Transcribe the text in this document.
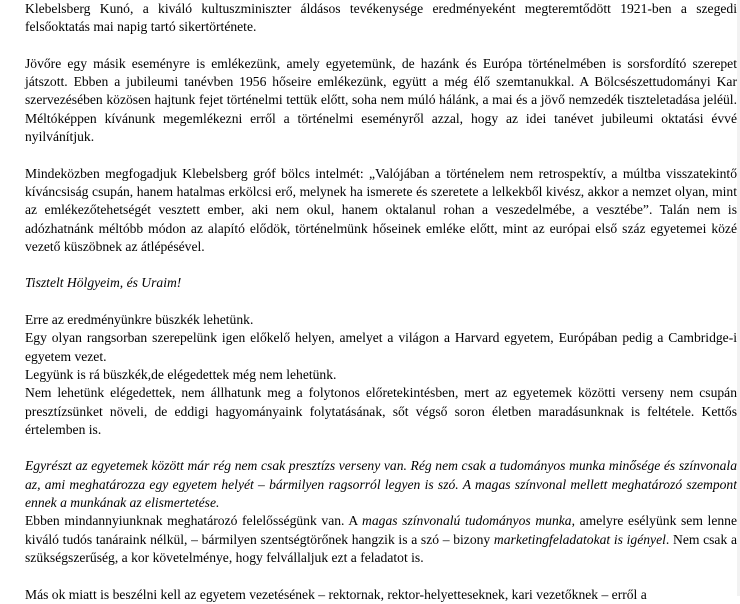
Klebelsberg Kunó, a kiváló kultuszminiszter áldásos tevékenysége eredményeként megteremtődött 1921-ben a szegedi felsőoktatás mai napig tartó sikertörténete.

Jövőre egy másik eseményre is emlékezünk, amely egyetemünk, de hazánk és Európa történelmében is sorsfordító szerepet játszott. Ebben a jubileumi tanévben 1956 hőseire emlékezünk, együtt a még élő szemtanukkal. A Bölcsészettudományi Kar szervezésében közösen hajtunk fejet történelmi tettük előtt, soha nem múló hálánk, a mai és a jövő nemzedék tiszteletadása jeléül. Méltóképpen kívánunk megemlékezni erről a történelmi eseményről azzal, hogy az idei tanévet jubileumi oktatási évvé nyilvánítjuk.

Mindeközben megfogadjuk Klebelsberg gróf bölcs intelmét: „Valójában a történelem nem retrospektív, a múltba visszatekintő kíváncsiság csupán, hanem hatalmas erkölcsi erő, melynek ha ismerete és szeretete a lelkekből kivész, akkor a nemzet olyan, mint az emlékezőtehetségét vesztett ember, aki nem okul, hanem oktalanul rohan a veszedelmébe, a vesztébe”. Talán nem is adózhatnánk méltóbb módon az alapító elődök, történelmünk hőseinek emléke előtt, mint az európai első száz egyetemei közé vezető küszöbnek az átlépésével.

Tisztelt Hölgyeim, és Uraim!

Erre az eredményünkre büszkék lehetünk.

Egy olyan rangsorban szerepelünk igen előkelő helyen, amelyet a világon a Harvard egyetem, Európában pedig a Cambridge-i egyetem vezet.

Legyünk is rá büszkék,de elégedettek még nem lehetünk.

Nem lehetünk elégedettek, nem állhatunk meg a folytonos előretekintésben, mert az egyetemek közötti verseny nem csupán presztízsünket növeli, de eddigi hagyományaink folytatásának, sőt végső soron életben maradásunknak is feltétele. Kettős értelemben is.

Egyrészt az egyetemek között már rég nem csak presztízs verseny van. Rég nem csak a tudományos munka minősége és színvonala az, ami meghatározza egy egyetem helyét – bármilyen ragsorról legyen is szó. A magas színvonal mellett meghatározó szempont ennek a munkának az elismertetése.

Ebben mindannyiunknak meghatározó felelősségünk van. A magas színvonalú tudományos munka, amelyre esélyünk sem lenne kiváló tudós tanáraink nélkül, – bármilyen szentségtörőnek hangzik is a szó – bizony marketingfeladatokat is igényel. Nem csak a szükségszerűség, a kor követelménye, hogy felvállaljuk ezt a feladatot is.

Más ok miatt is beszélni kell az egyetem vezetésének – rektornak, rektor-helyetteseknek, kari vezetőknek – erről a
